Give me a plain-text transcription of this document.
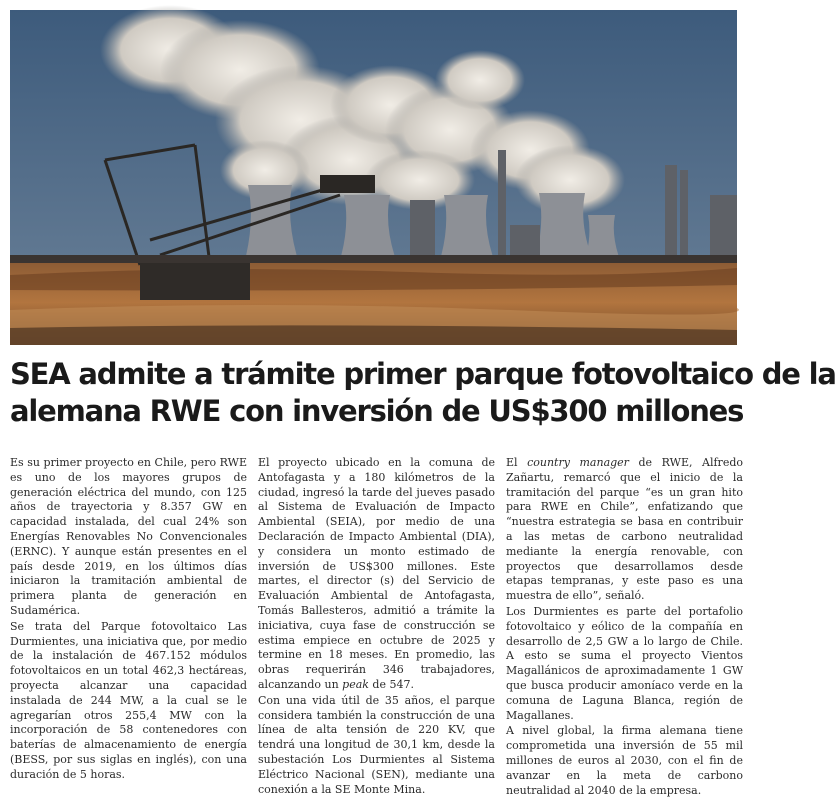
SEA admite a trámite primer parque fotovoltaico de la
alemana RWE con inversión de US$300 millones

Es su primer proyecto en Chile, pero RWE es uno de los mayores grupos de generación eléctrica del mundo, con 125 años de trayectoria y 8.357 GW en capacidad instalada, del cual 24% son Energías Renovables No Convencionales (ERNC). Y aunque están presentes en el país desde 2019, en los últimos días iniciaron la tramitación ambiental de primera planta de generación en Sudamérica.

Se trata del Parque fotovoltaico Las Durmientes, una iniciativa que, por medio de la instalación de 467.152 módulos fotovoltaicos en un total 462,3 hectáreas, proyecta alcanzar una capacidad instalada de 244 MW, a la cual se le agregarían otros 255,4 MW con la incorporación de 58 contenedores con baterías de almacenamiento de energía (BESS, por sus siglas en inglés), con una duración de 5 horas.

El proyecto ubicado en la comuna de Antofagasta y a 180 kilómetros de la ciudad, ingresó la tarde del jueves pasado al Sistema de Evaluación de Impacto Ambiental (SEIA), por medio de una Declaración de Impacto Ambiental (DIA), y considera un monto estimado de inversión de US$300 millones. Este martes, el director (s) del Servicio de Evaluación Ambiental de Antofagasta, Tomás Ballesteros, admitió a trámite la iniciativa, cuya fase de construcción se estima empiece en octubre de 2025 y termine en 18 meses. En promedio, las obras requerirán 346 trabajadores, alcanzando un peak de 547.

Con una vida útil de 35 años, el parque considera también la construcción de una línea de alta tensión de 220 KV, que tendrá una longitud de 30,1 km, desde la subestación Los Durmientes al Sistema Eléctrico Nacional (SEN), mediante una conexión a la SE Monte Mina.

El country manager de RWE, Alfredo Zañartu, remarcó que el inicio de la tramitación del parque “es un gran hito para RWE en Chile”, enfatizando que “nuestra estrategia se basa en contribuir a las metas de carbono neutralidad mediante la energía renovable, con proyectos que desarrollamos desde etapas tempranas, y este paso es una muestra de ello”, señaló.

Los Durmientes es parte del portafolio fotovoltaico y eólico de la compañía en desarrollo de 2,5 GW a lo largo de Chile. A esto se suma el proyecto Vientos Magallánicos de aproximadamente 1 GW que busca producir amoníaco verde en la comuna de Laguna Blanca, región de Magallanes.

A nivel global, la firma alemana tiene comprometida una inversión de 55 mil millones de euros al 2030, con el fin de avanzar en la meta de carbono neutralidad al 2040 de la empresa.
